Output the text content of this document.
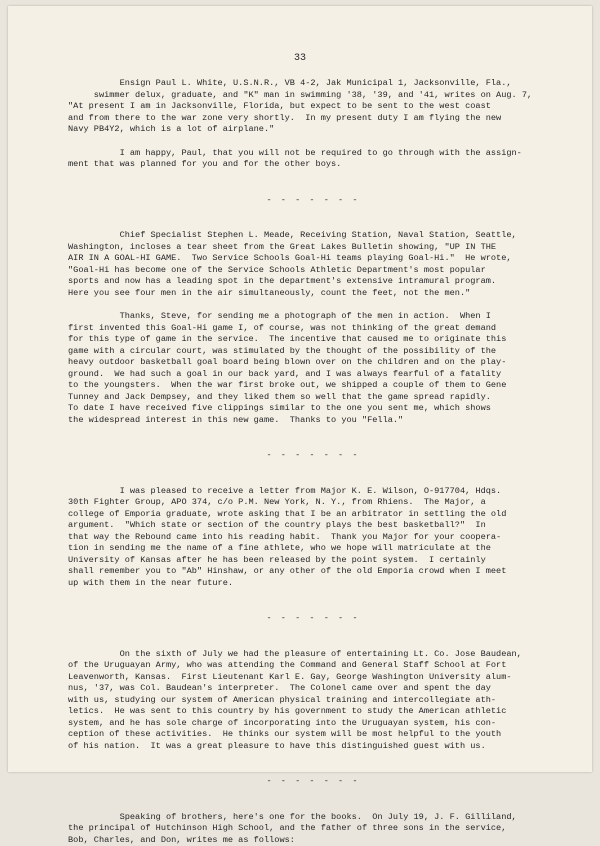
33
Ensign Paul L. White, U.S.N.R., VB 4-2, Jak Municipal 1, Jacksonville, Fla.,
swimmer delux, graduate, and "K" man in swimming '38, '39, and '41, writes on Aug. 7,
"At present I am in Jacksonville, Florida, but expect to be sent to the west coast
and from there to the war zone very shortly.  In my present duty I am flying the new
Navy PB4Y2, which is a lot of airplane."
I am happy, Paul, that you will not be required to go through with the assign-
ment that was planned for you and for the other boys.
- - - - - - -
Chief Specialist Stephen L. Meade, Receiving Station, Naval Station, Seattle,
Washington, incloses a tear sheet from the Great Lakes Bulletin showing, "UP IN THE
AIR IN A GOAL-HI GAME.  Two Service Schools Goal-Hi teams playing Goal-Hi."  He wrote,
"Goal-Hi has become one of the Service Schools Athletic Department's most popular
sports and now has a leading spot in the department's extensive intramural program.
Here you see four men in the air simultaneously, count the feet, not the men."
Thanks, Steve, for sending me a photograph of the men in action.  When I
first invented this Goal-Hi game I, of course, was not thinking of the great demand
for this type of game in the service.  The incentive that caused me to originate this
game with a circular court, was stimulated by the thought of the possibility of the
heavy outdoor basketball goal board being blown over on the children and on the play-
ground.  We had such a goal in our back yard, and I was always fearful of a fatality
to the youngsters.  When the war first broke out, we shipped a couple of them to Gene
Tunney and Jack Dempsey, and they liked them so well that the game spread rapidly.
To date I have received five clippings similar to the one you sent me, which shows
the widespread interest in this new game.  Thanks to you "Fella."
- - - - - - -
I was pleased to receive a letter from Major K. E. Wilson, O-917704, Hdqs.
30th Fighter Group, APO 374, c/o P.M. New York, N. Y., from Rhiens.  The Major, a
college of Emporia graduate, wrote asking that I be an arbitrator in settling the old
argument.  "Which state or section of the country plays the best basketball?"  In
that way the Rebound came into his reading habit.  Thank you Major for your coopera-
tion in sending me the name of a fine athlete, who we hope will matriculate at the
University of Kansas after he has been released by the point system.  I certainly
shall remember you to "Ab" Hinshaw, or any other of the old Emporia crowd when I meet
up with them in the near future.
- - - - - - -
On the sixth of July we had the pleasure of entertaining Lt. Co. Jose Baudean,
of the Uruguayan Army, who was attending the Command and General Staff School at Fort
Leavenworth, Kansas.  First Lieutenant Karl E. Gay, George Washington University alum-
nus, '37, was Col. Baudean's interpreter.  The Colonel came over and spent the day
with us, studying our system of American physical training and intercollegiate ath-
letics.  He was sent to this country by his government to study the American athletic
system, and he has sole charge of incorporating into the Uruguayan system, his con-
ception of these activities.  He thinks our system will be most helpful to the youth
of his nation.  It was a great pleasure to have this distinguished guest with us.
- - - - - - -
Speaking of brothers, here's one for the books.  On July 19, J. F. Gilliland,
the principal of Hutchinson High School, and the father of three sons in the service,
Bob, Charles, and Don, writes me as follows:
